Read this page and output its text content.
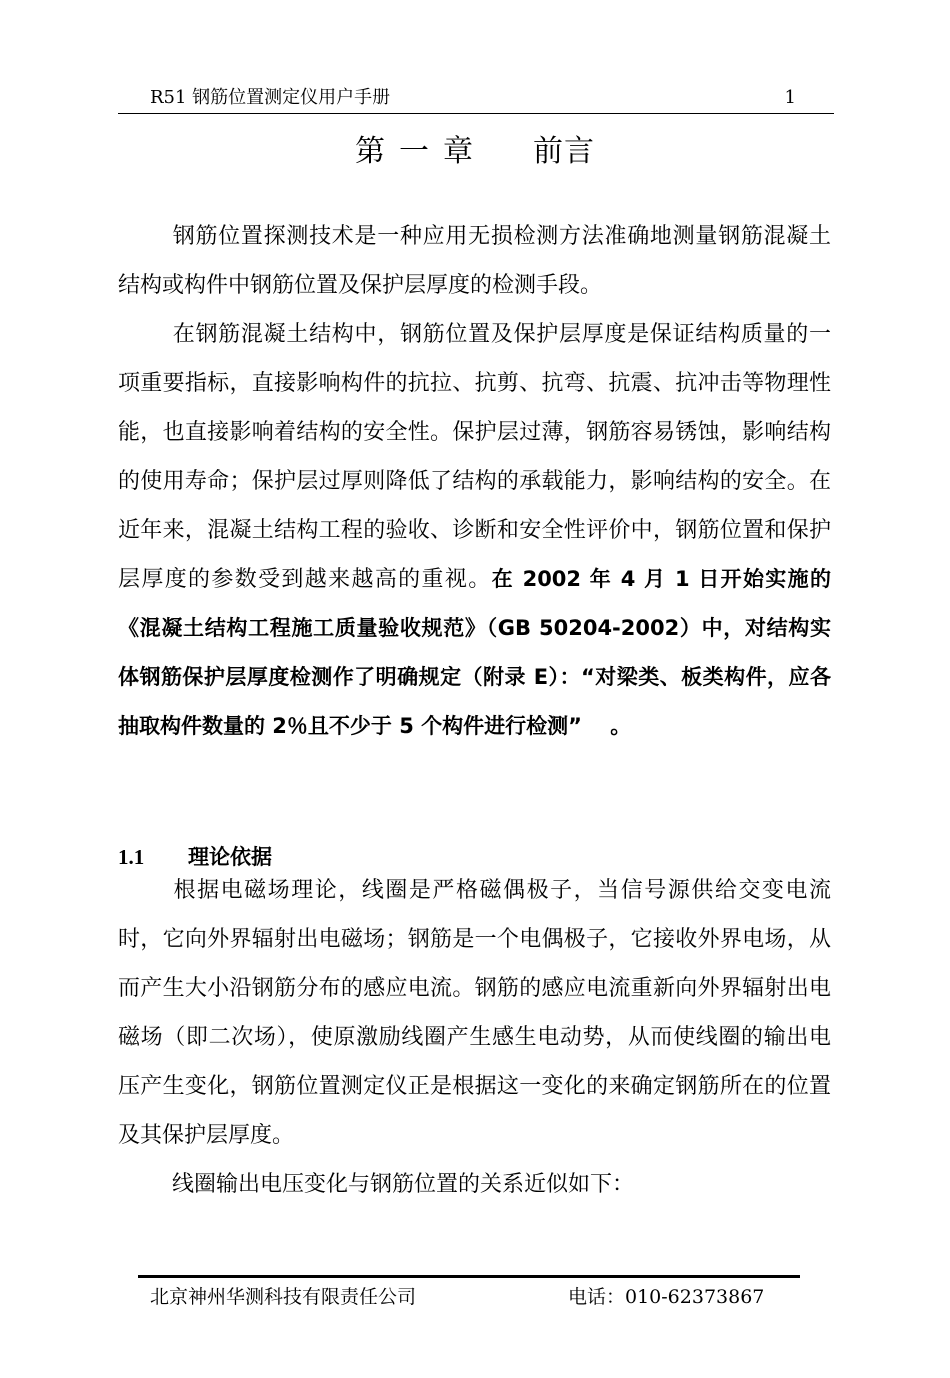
R51 钢筋位置测定仪用户手册	1
第一章 前言

钢筋位置探测技术是一种应用无损检测方法准确地测量钢筋混凝土结构或构件中钢筋位置及保护层厚度的检测手段。

在钢筋混凝土结构中，钢筋位置及保护层厚度是保证结构质量的一项重要指标，直接影响构件的抗拉、抗剪、抗弯、抗震、抗冲击等物理性能，也直接影响着结构的安全性。保护层过薄，钢筋容易锈蚀，影响结构的使用寿命；保护层过厚则降低了结构的承载能力，影响结构的安全。在近年来，混凝土结构工程的验收、诊断和安全性评价中，钢筋位置和保护层厚度的参数受到越来越高的重视。在 2002 年 4 月 1 日开始实施的《混凝土结构工程施工质量验收规范》（GB 50204-2002）中，对结构实体钢筋保护层厚度检测作了明确规定（附录 E）：“对梁类、板类构件，应各抽取构件数量的 2％且不少于 5 个构件进行检测”　 。

1.1 理论依据

根据电磁场理论，线圈是严格磁偶极子，当信号源供给交变电流时，它向外界辐射出电磁场；钢筋是一个电偶极子，它接收外界电场，从而产生大小沿钢筋分布的感应电流。钢筋的感应电流重新向外界辐射出电磁场（即二次场），使原激励线圈产生感生电动势，从而使线圈的输出电压产生变化，钢筋位置测定仪正是根据这一变化的来确定钢筋所在的位置及其保护层厚度。

线圈输出电压变化与钢筋位置的关系近似如下：

北京神州华测科技有限责任公司	电话：010-62373867
